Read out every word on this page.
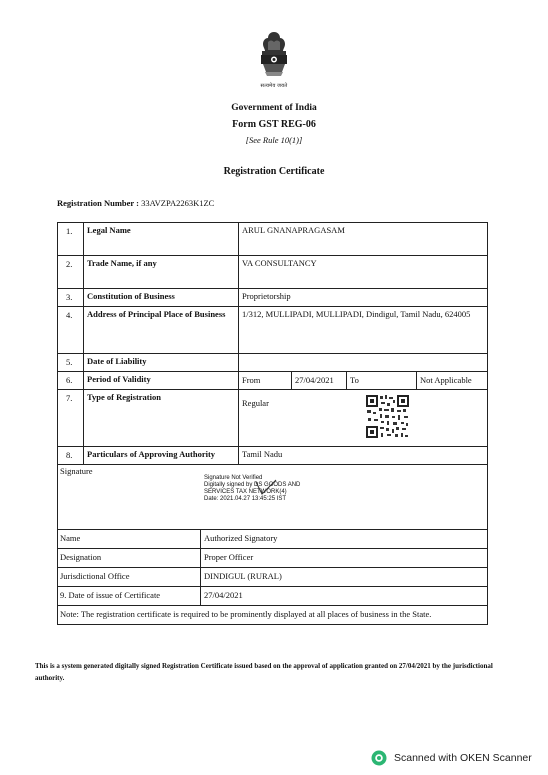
सत्यमेव जयते
Government of India
Form GST REG-06
[See Rule 10(1)]
Registration Certificate
Registration Number : 33AVZPA2263K1ZC
1.	Legal Name	ARUL GNANAPRAGASAM
2.	Trade Name, if any	VA CONSULTANCY
3.	Constitution of Business	Proprietorship
4.	Address of Principal Place of Business	1/312, MULLIPADI, MULLIPADI, Dindigul, Tamil Nadu, 624005
5.	Date of Liability
6.	Period of Validity	From	27/04/2021	To	Not Applicable
7.	Type of Registration
Regular
8.	Particulars of Approving Authority	Tamil Nadu
Signature
Signature Not Verified
Digitally signed by DS GOODS AND
SERVICES TAX NETWORK(4)
Date: 2021.04.27 13:45:25 IST
Name	Authorized Signatory
Designation	Proper Officer
Jurisdictional Office	DINDIGUL (RURAL)
9. Date of issue of Certificate	27/04/2021
Note: The registration certificate is required to be prominently displayed at all places of business in the State.
This is a system generated digitally signed Registration Certificate issued based on the approval of application granted on 27/04/2021 by the jurisdictional authority.
Scanned with OKEN Scanner
